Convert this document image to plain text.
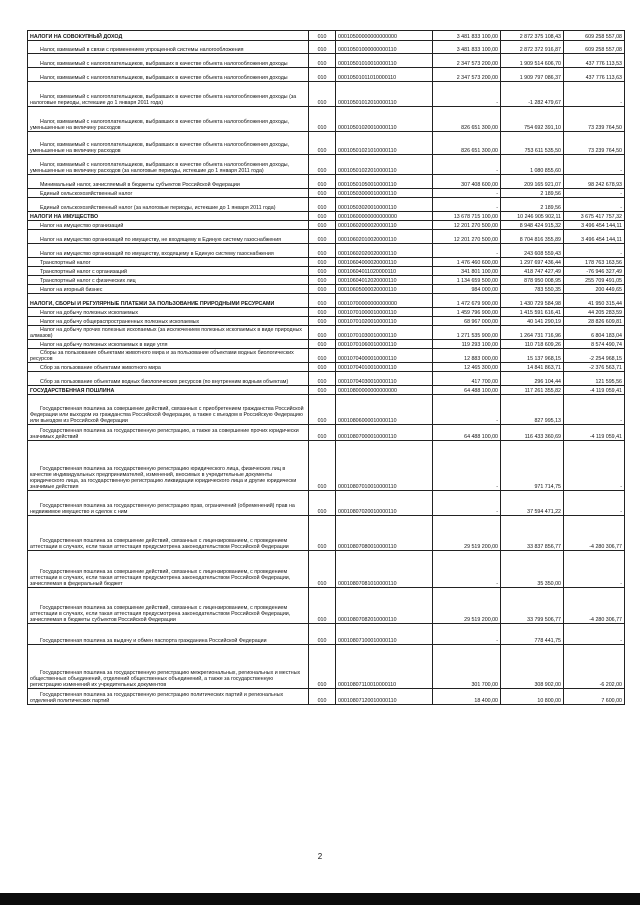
НАЛОГИ НА СОВОКУПНЫЙ ДОХОД	010	00010500000000000000	3 481 833 100,00	2 872 375 108,43	609 258 557,08
Налог, взимаемый в связи с применением упрощенной системы налогообложения	010	00010501000000000110	3 481 833 100,00	2 872 372 916,87	609 258 557,08
Налог, взимаемый с налогоплательщиков, выбравших в качестве объекта налогообложения доходы	010	00010501010010000110	2 347 573 200,00	1 909 514 606,70	437 776 113,53
Налог, взимаемый с налогоплательщиков, выбравших в качестве объекта налогообложения доходы	010	00010501011010000110	2 347 573 200,00	1 909 797 086,37	437 776 113,63
Налог, взимаемый с налогоплательщиков, выбравших в качестве объекта налогообложения доходы (за налоговые периоды, истекшие до 1 января 2011 года)	010	00010501012010000110	-	-1 282 479,67	-
Налог, взимаемый с налогоплательщиков, выбравших в качестве объекта налогообложения доходы, уменьшенные на величину расходов	010	00010501020010000110	826 651 300,00	754 692 391,10	73 239 764,50
Налог, взимаемый с налогоплательщиков, выбравших в качестве объекта налогообложения доходы, уменьшенные на величину расходов	010	00010501021010000110	826 651 300,00	753 611 535,50	73 239 764,50
Налог, взимаемый с налогоплательщиков, выбравших в качестве объекта налогообложения доходы, уменьшенные на величину расходов (за налоговые периоды, истекшие до 1 января 2011 года)	010	00010501022010000110	-	1 080 855,60	-
Минимальный налог, зачисляемый в бюджеты субъектов Российской Федерации	010	00010501050010000110	307 408 600,00	209 165 921,07	98 242 678,93
Единый сельскохозяйственный налог	010	00010503000010000110	-	2 189,56	-
Единый сельскохозяйственный налог (за налоговые периоды, истекшие до 1 января 2011 года)	010	00010503020010000110	-	2 189,56	-
НАЛОГИ НА ИМУЩЕСТВО	010	00010600000000000000	13 678 715 100,00	10 246 905 902,11	3 675 417 757,32
Налог на имущество организаций	010	00010602000020000110	12 201 270 500,00	8 948 424 915,32	3 496 454 144,11
Налог на имущество организаций по имуществу, не входящему в Единую систему газоснабжения	010	00010602010020000110	12 201 270 500,00	8 704 816 355,89	3 496 454 144,11
Налог на имущество организаций по имуществу, входящему в Единую систему газоснабжения	010	00010602020020000110	-	243 608 559,43	-
Транспортный налог	010	00010604000020000110	1 476 460 600,00	1 297 697 436,44	178 763 163,56
Транспортный налог с организаций	010	00010604011020000110	341 801 100,00	418 747 427,49	-76 946 327,49
Транспортный налог с физических лиц	010	00010604012020000110	1 134 659 500,00	878 950 008,95	255 709 491,05
Налог на игорный бизнес	010	00010605000020000110	984 000,00	783 550,35	200 449,65
НАЛОГИ, СБОРЫ И РЕГУЛЯРНЫЕ ПЛАТЕЖИ ЗА ПОЛЬЗОВАНИЕ ПРИРОДНЫМИ РЕСУРСАМИ	010	00010700000000000000	1 472 679 900,00	1 430 729 584,98	41 950 315,44
Налог на добычу полезных ископаемых	010	00010701000010000110	1 459 796 900,00	1 415 591 616,41	44 205 283,59
Налог на добычу общераспространенных полезных ископаемых	010	00010701020010000110	68 967 000,00	40 141 290,19	28 826 609,81
Налог на добычу прочих полезных ископаемых (за исключением полезных ископаемых в виде природных алмазов)	010	00010701030010000110	1 271 535 900,00	1 264 731 716,96	6 804 183,04
Налог на добычу полезных ископаемых в виде угля	010	00010701060010000110	119 293 100,00	110 718 609,26	8 574 490,74
Сборы за пользование объектами животного мира и за пользование объектами водных биологических ресурсов	010	00010704000010000110	12 883 000,00	15 137 968,15	-2 254 968,15
Сбор за пользование объектами животного мира	010	00010704010010000110	12 465 300,00	14 841 863,71	-2 376 563,71
Сбор за пользование объектами водных биологических ресурсов (по внутренним водным объектам)	010	00010704030010000110	417 700,00	296 104,44	121 595,56
ГОСУДАРСТВЕННАЯ ПОШЛИНА	010	00010800000000000000	64 488 100,00	117 261 355,82	-4 119 059,41
Государственная пошлина за совершение действий, связанных с приобретением гражданства Российской Федерации или выходом из гражданства Российской Федерации, а также с въездом в Российскую Федерацию или выездом из Российской Федерации	010	00010806000010000110	-	827 995,13	-
Государственная пошлина за государственную регистрацию, а также за совершение прочих юридически значимых действий	010	00010807000010000110	64 488 100,00	116 433 360,69	-4 119 059,41
Государственная пошлина за государственную регистрацию юридического лица, физических лиц в качестве индивидуальных предпринимателей, изменений, вносимых в учредительные документы юридического лица, за государственную регистрацию ликвидации юридического лица и другие юридически значимые действия	010	00010807010010000110	-	971 714,75	-
Государственная пошлина за государственную регистрацию прав, ограничений (обременений) прав на недвижимое имущество и сделок с ним	010	00010807020010000110	-	37 594 471,22	-
Государственная пошлина за совершение действий, связанных с лицензированием, с проведением аттестации в случаях, если такая аттестация предусмотрена законодательством Российской Федерации	010	00010807080010000110	29 519 200,00	33 837 856,77	-4 280 306,77
Государственная пошлина за совершение действий, связанных с лицензированием, с проведением аттестации в случаях, если такая аттестация предусмотрена законодательством Российской Федерации, зачисляемая в федеральный бюджет	010	00010807081010000110	-	35 350,00	-
Государственная пошлина за совершение действий, связанных с лицензированием, с проведением аттестации в случаях, если такая аттестация предусмотрена законодательством Российской Федерации, зачисляемая в бюджеты субъектов Российской Федерации	010	00010807082010000110	29 519 200,00	33 799 506,77	-4 280 306,77
Государственная пошлина за выдачу и обмен паспорта гражданина Российской Федерации	010	00010807100010000110	-	778 441,75	-
Государственная пошлина за государственную регистрацию межрегиональных, региональных и местных общественных объединений, отделений общественных объединений, а также за государственную регистрацию изменений их учредительных документов	010	00010807110010000110	301 700,00	308 902,00	-6 202,00
Государственная пошлина за государственную регистрацию политических партий и региональных отделений политических партий	010	00010807120010000110	18 400,00	10 800,00	7 600,00
2
